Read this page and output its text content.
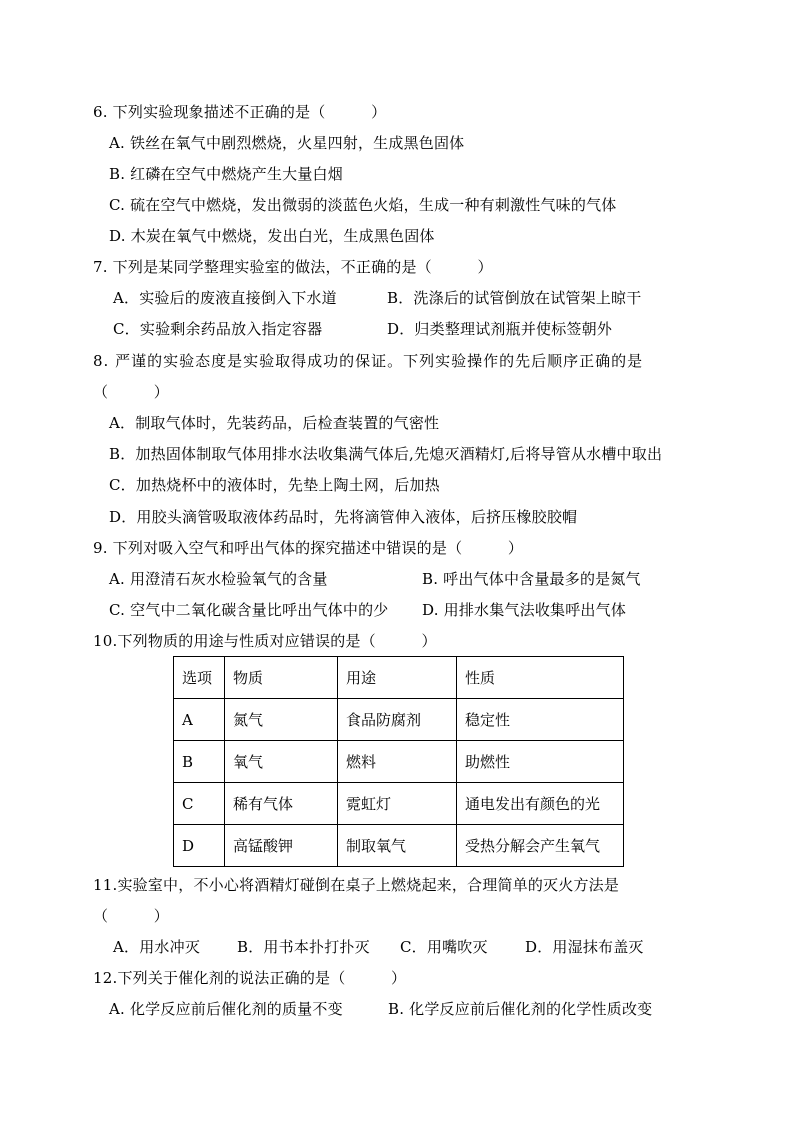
6. 下列实验现象描述不正确的是（　　　）
A. 铁丝在氧气中剧烈燃烧，火星四射，生成黑色固体
B. 红磷在空气中燃烧产生大量白烟
C. 硫在空气中燃烧，发出微弱的淡蓝色火焰，生成一种有刺激性气味的气体
D. 木炭在氧气中燃烧，发出白光，生成黑色固体
7. 下列是某同学整理实验室的做法，不正确的是（　　　）
A．实验后的废液直接倒入下水道	B．洗涤后的试管倒放在试管架上晾干
C．实验剩余药品放入指定容器	D．归类整理试剂瓶并使标签朝外
8. 严谨的实验态度是实验取得成功的保证。下列实验操作的先后顺序正确的是
（　　　）
A．制取气体时，先装药品，后检查装置的气密性
B．加热固体制取气体用排水法收集满气体后,先熄灭酒精灯,后将导管从水槽中取出
C．加热烧杯中的液体时，先垫上陶土网，后加热
D．用胶头滴管吸取液体药品时，先将滴管伸入液体，后挤压橡胶胶帽
9. 下列对吸入空气和呼出气体的探究描述中错误的是（　　　）
A. 用澄清石灰水检验氧气的含量	B. 呼出气体中含量最多的是氮气
C. 空气中二氧化碳含量比呼出气体中的少 D. 用排水集气法收集呼出气体
10.下列物质的用途与性质对应错误的是（　　　）
选项	物质	用途	性质
A	氮气	食品防腐剂	稳定性
B	氧气	燃料	助燃性
C	稀有气体	霓虹灯	通电发出有颜色的光
D	高锰酸钾	制取氧气	受热分解会产生氧气
11.实验室中，不小心将酒精灯碰倒在桌子上燃烧起来，合理简单的灭火方法是
（　　　）
A．用水冲灭 B．用书本扑打扑灭 C．用嘴吹灭 D．用湿抹布盖灭
12.下列关于催化剂的说法正确的是（　　　）
A. 化学反应前后催化剂的质量不变	B. 化学反应前后催化剂的化学性质改变
